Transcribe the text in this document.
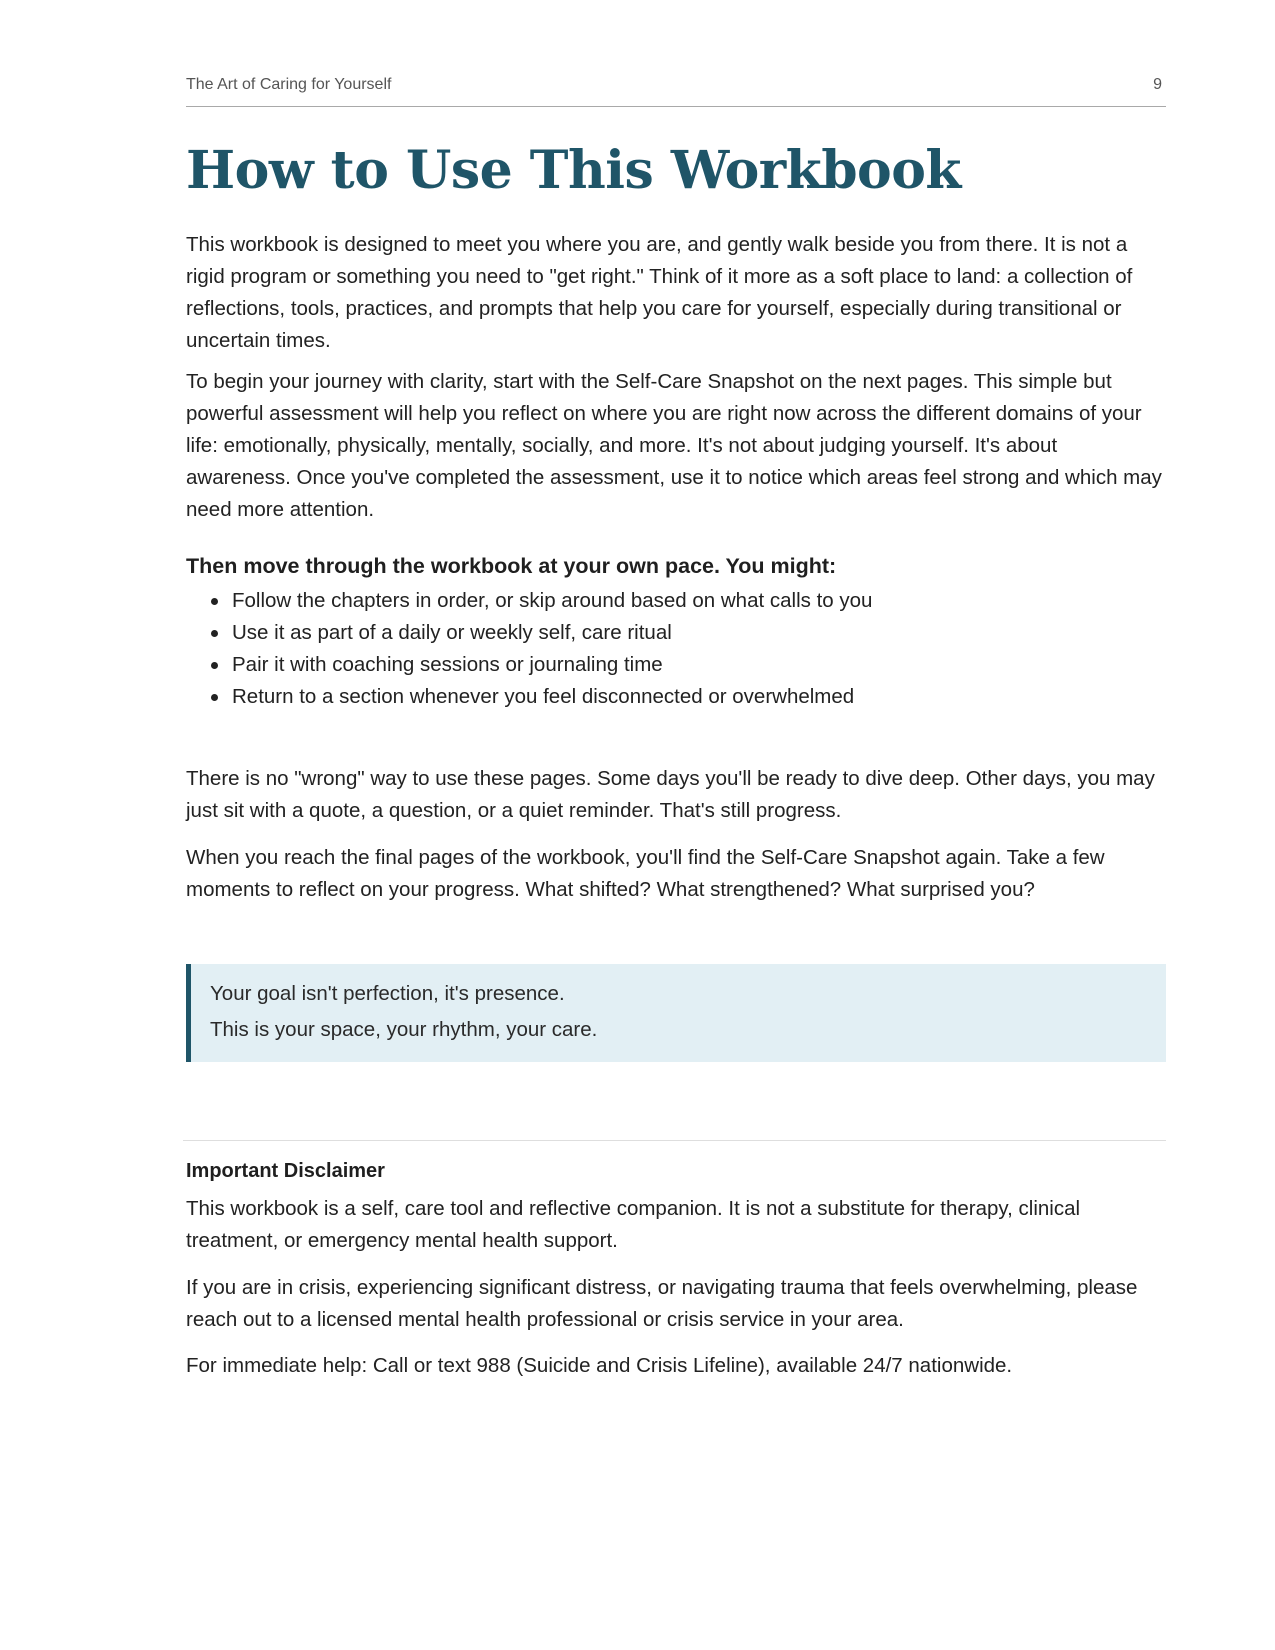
The Art of Caring for Yourself	9
How to Use This Workbook

This workbook is designed to meet you where you are, and gently walk beside you from there. It is not a rigid program or something you need to "get right." Think of it more as a soft place to land: a collection of reflections, tools, practices, and prompts that help you care for yourself, especially during transitional or uncertain times.

To begin your journey with clarity, start with the Self-Care Snapshot on the next pages. This simple but powerful assessment will help you reflect on where you are right now across the different domains of your life: emotionally, physically, mentally, socially, and more. It's not about judging yourself. It's about awareness. Once you've completed the assessment, use it to notice which areas feel strong and which may need more attention.

Then move through the workbook at your own pace. You might:

Follow the chapters in order, or skip around based on what calls to you
Use it as part of a daily or weekly self, care ritual
Pair it with coaching sessions or journaling time
Return to a section whenever you feel disconnected or overwhelmed

There is no "wrong" way to use these pages. Some days you'll be ready to dive deep. Other days, you may just sit with a quote, a question, or a quiet reminder. That's still progress.

When you reach the final pages of the workbook, you'll find the Self-Care Snapshot again. Take a few moments to reflect on your progress. What shifted? What strengthened? What surprised you?

Your goal isn't perfection, it's presence.

This is your space, your rhythm, your care.

Important Disclaimer

This workbook is a self, care tool and reflective companion. It is not a substitute for therapy, clinical treatment, or emergency mental health support.

If you are in crisis, experiencing significant distress, or navigating trauma that feels overwhelming, please reach out to a licensed mental health professional or crisis service in your area.

For immediate help: Call or text 988 (Suicide and Crisis Lifeline), available 24/7 nationwide.
